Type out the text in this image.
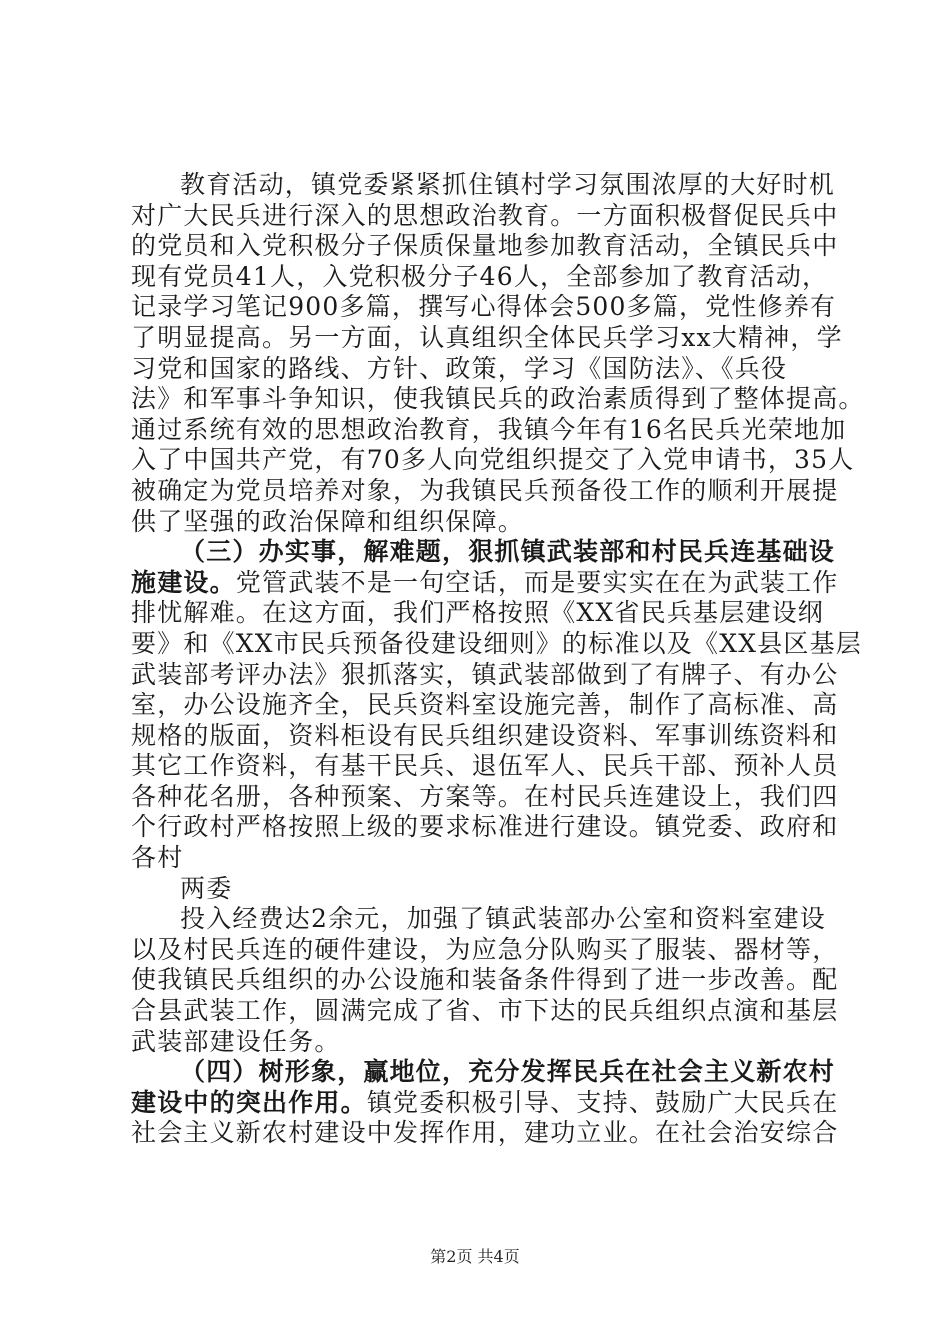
教育活动，镇党委紧紧抓住镇村学习氛围浓厚的大好时机
对广大民兵进行深入的思想政治教育。一方面积极督促民兵中
的党员和入党积极分子保质保量地参加教育活动，全镇民兵中
现有党员41人，入党积极分子46人，全部参加了教育活动，
记录学习笔记900多篇，撰写心得体会500多篇，党性修养有
了明显提高。另一方面，认真组织全体民兵学习xx大精神，学
习党和国家的路线、方针、政策，学习《国防法》、《兵役
法》和军事斗争知识，使我镇民兵的政治素质得到了整体提高。
通过系统有效的思想政治教育，我镇今年有16名民兵光荣地加
入了中国共产党，有70多人向党组织提交了入党申请书，35人
被确定为党员培养对象，为我镇民兵预备役工作的顺利开展提
供了坚强的政治保障和组织保障。
（三）办实事，解难题，狠抓镇武装部和村民兵连基础设
施建设。党管武装不是一句空话，而是要实实在在为武装工作
排忧解难。在这方面，我们严格按照《XX省民兵基层建设纲
要》和《XX市民兵预备役建设细则》的标准以及《XX县区基层
武装部考评办法》狠抓落实，镇武装部做到了有牌子、有办公
室，办公设施齐全，民兵资料室设施完善，制作了高标准、高
规格的版面，资料柜设有民兵组织建设资料、军事训练资料和
其它工作资料，有基干民兵、退伍军人、民兵干部、预补人员
各种花名册，各种预案、方案等。在村民兵连建设上，我们四
个行政村严格按照上级的要求标准进行建设。镇党委、政府和
各村
两委
投入经费达2余元，加强了镇武装部办公室和资料室建设
以及村民兵连的硬件建设，为应急分队购买了服装、器材等，
使我镇民兵组织的办公设施和装备条件得到了进一步改善。配
合县武装工作，圆满完成了省、市下达的民兵组织点演和基层
武装部建设任务。
（四）树形象，赢地位，充分发挥民兵在社会主义新农村
建设中的突出作用。镇党委积极引导、支持、鼓励广大民兵在
社会主义新农村建设中发挥作用，建功立业。在社会治安综合
第2页 共4页
